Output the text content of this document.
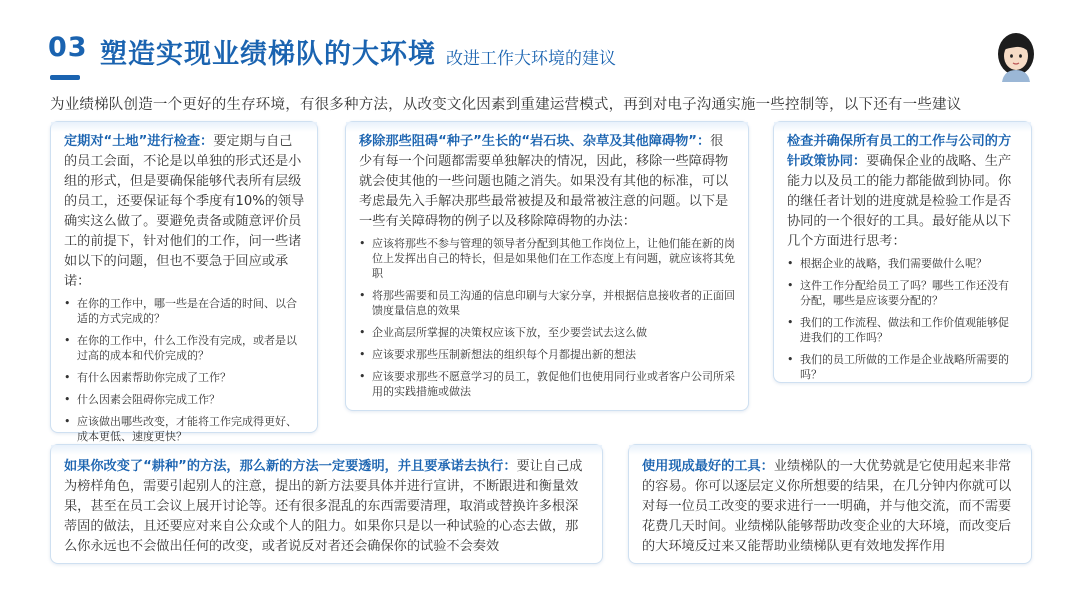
03 塑造实现业绩梯队的大环境 改进工作大环境的建议
为业绩梯队创造一个更好的生存环境，有很多种方法，从改变文化因素到重建运营模式，再到对电子沟通实施一些控制等，以下还有一些建议

定期对“土地”进行检查：要定期与自己的员工会面，不论是以单独的形式还是小组的形式，但是要确保能够代表所有层级的员工，还要保证每个季度有10%的领导确实这么做了。要避免责备或随意评价员工的前提下，针对他们的工作，问一些诸如以下的问题，但也不要急于回应或承诺：

• 在你的工作中，哪一些是在合适的时间、以合适的方式完成的？
• 在你的工作中，什么工作没有完成，或者是以过高的成本和代价完成的？
• 有什么因素帮助你完成了工作？
• 什么因素会阻碍你完成工作？
• 应该做出哪些改变，才能将工作完成得更好、成本更低、速度更快？

移除那些阻碍“种子”生长的“岩石块、杂草及其他障碍物”：很少有每一个问题都需要单独解决的情况，因此，移除一些障碍物就会使其他的一些问题也随之消失。如果没有其他的标准，可以考虑最先入手解决那些最常被提及和最常被注意的问题。以下是一些有关障碍物的例子以及移除障碍物的办法：

• 应该将那些不参与管理的领导者分配到其他工作岗位上，让他们能在新的岗位上发挥出自己的特长，但是如果他们在工作态度上有问题，就应该将其免职
• 将那些需要和员工沟通的信息印刷与大家分享，并根据信息接收者的正面回馈度量信息的效果
• 企业高层所掌握的决策权应该下放，至少要尝试去这么做
• 应该要求那些压制新想法的组织每个月都提出新的想法
• 应该要求那些不愿意学习的员工，敦促他们也使用同行业或者客户公司所采用的实践措施或做法

检查并确保所有员工的工作与公司的方针政策协同：要确保企业的战略、生产能力以及员工的能力都能做到协同。你的继任者计划的进度就是检验工作是否协同的一个很好的工具。最好能从以下几个方面进行思考：

• 根据企业的战略，我们需要做什么呢？
• 这件工作分配给员工了吗？哪些工作还没有分配，哪些是应该要分配的？
• 我们的工作流程、做法和工作价值观能够促进我们的工作吗？
• 我们的员工所做的工作是企业战略所需要的吗？

如果你改变了“耕种”的方法，那么新的方法一定要透明，并且要承诺去执行：要让自己成为榜样角色，需要引起别人的注意，提出的新方法要具体并进行宣讲，不断跟进和衡量效果，甚至在员工会议上展开讨论等。还有很多混乱的东西需要清理，取消或替换许多根深蒂固的做法，且还要应对来自公众或个人的阻力。如果你只是以一种试验的心态去做，那么你永远也不会做出任何的改变，或者说反对者还会确保你的试验不会奏效

使用现成最好的工具：业绩梯队的一大优势就是它使用起来非常的容易。你可以逐层定义你所想要的结果，在几分钟内你就可以对每一位员工改变的要求进行一一明确，并与他交流，而不需要花费几天时间。业绩梯队能够帮助改变企业的大环境，而改变后的大环境反过来又能帮助业绩梯队更有效地发挥作用
